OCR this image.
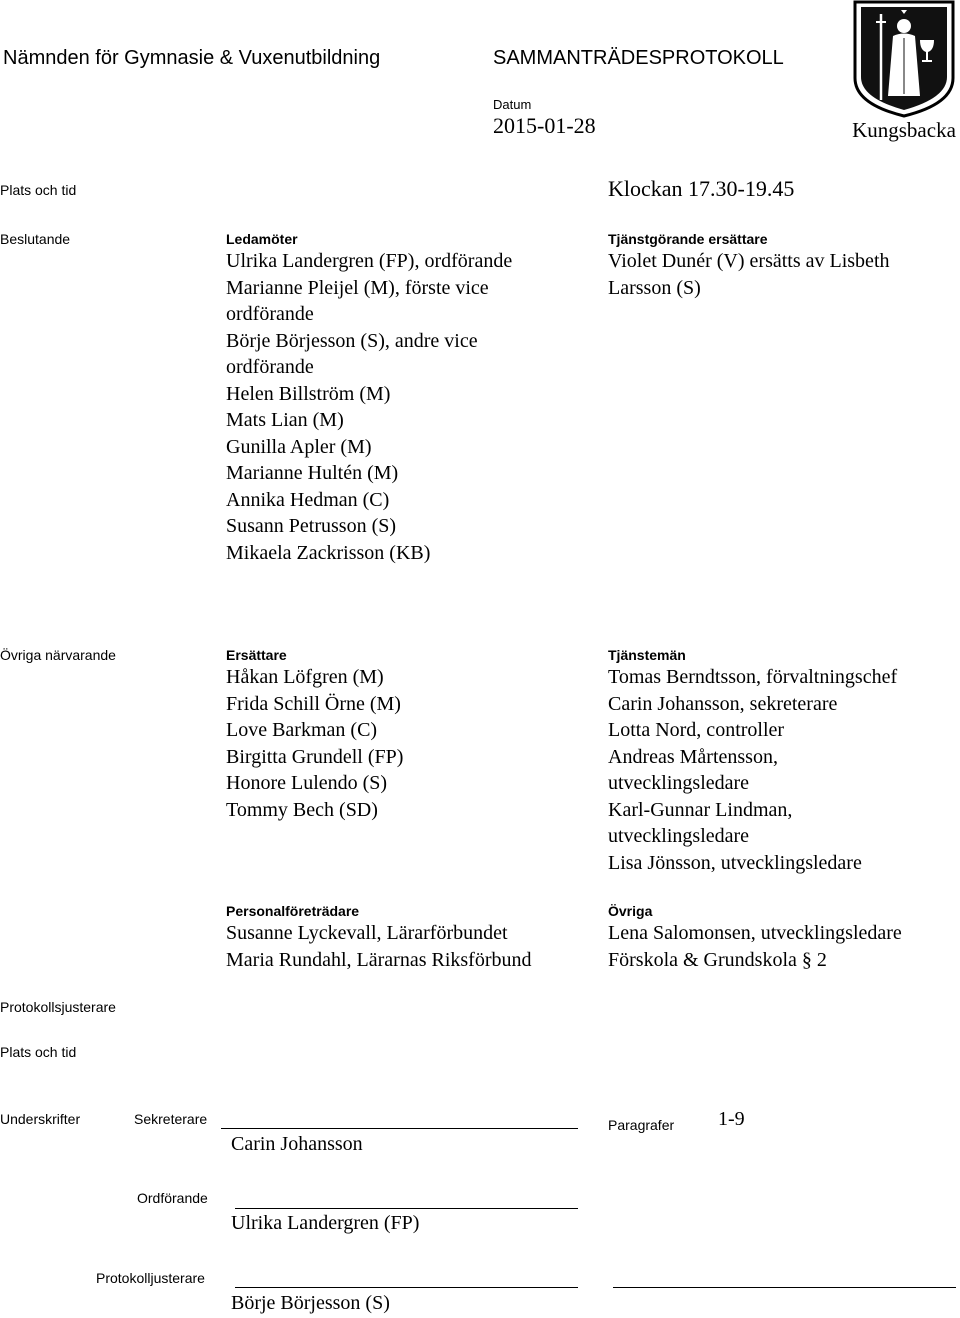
Nämnden för Gymnasie & Vuxenutbildning	SAMMANTRÄDESPROTOKOLL
Datum
2015-01-28	Kungsbacka
Plats och tid	Klockan 17.30-19.45
Beslutande	Ledamöter
Ulrika Landergren (FP), ordförande
Marianne Pleijel (M), förste vice
ordförande
Börje Börjesson (S), andre vice
ordförande
Helen Billström (M)
Mats Lian (M)
Gunilla Apler (M)
Marianne Hultén (M)
Annika Hedman (C)
Susann Petrusson (S)
Mikaela Zackrisson (KB)
Tjänstgörande ersättare
Violet Dunér (V) ersätts av Lisbeth
Larsson (S)
Övriga närvarande	Ersättare
Håkan Löfgren (M)
Frida Schill Örne (M)
Love Barkman (C)
Birgitta Grundell (FP)
Honore Lulendo (S)
Tommy Bech (SD)
Tjänstemän
Tomas Berndtsson, förvaltningschef
Carin Johansson, sekreterare
Lotta Nord, controller
Andreas Mårtensson,
utvecklingsledare
Karl-Gunnar Lindman,
utvecklingsledare
Lisa Jönsson, utvecklingsledare
Personalföreträdare
Susanne Lyckevall, Lärarförbundet
Maria Rundahl, Lärarnas Riksförbund
Övriga
Lena Salomonsen, utvecklingsledare
Förskola & Grundskola § 2
Protokollsjusterare
Plats och tid
Underskrifter	Sekreterare
Carin Johansson
Paragrafer 1-9
Ordförande
Ulrika Landergren (FP)
Protokolljusterare
Börje Börjesson (S)
